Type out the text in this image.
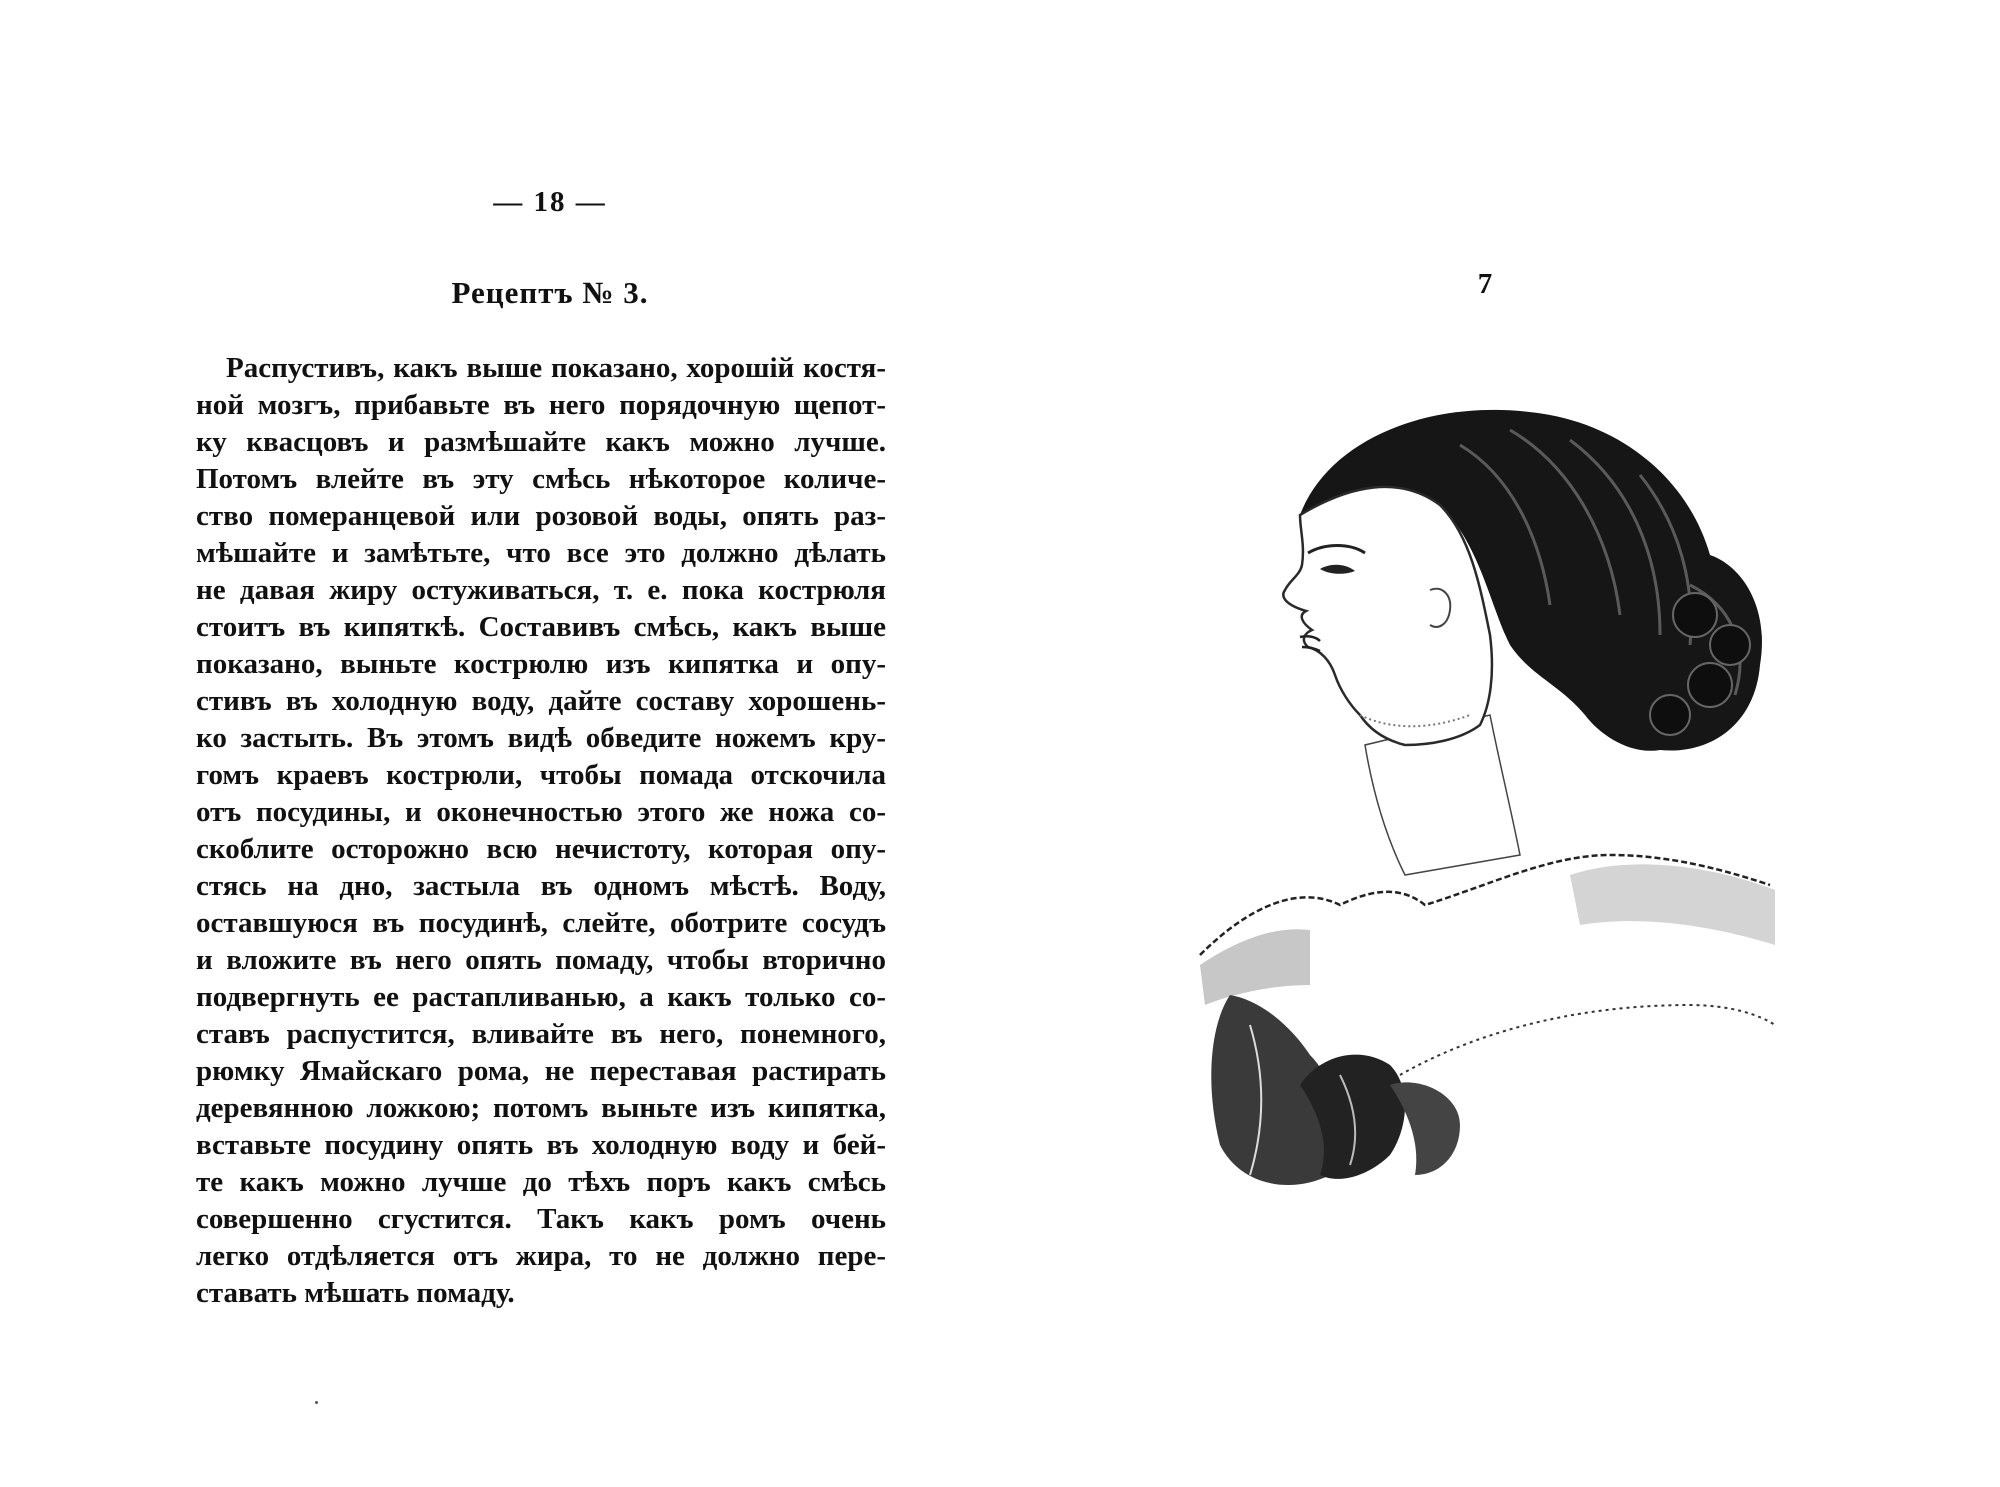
— 18 —
Рецептъ № 3.
Распустивъ, какъ выше показано, хорошій костя-
ной мозгъ, прибавьте въ него порядочную щепот-
ку квасцовъ и размѣшайте какъ можно лучше.
Потомъ влейте въ эту смѣсь нѣкоторое количе-
ство померанцевой или розовой воды, опять раз-
мѣшайте и замѣтьте, что все это должно дѣлать
не давая жиру остуживаться, т. е. пока кострюля
стоитъ въ кипяткѣ. Составивъ смѣсь, какъ выше
показано, выньте кострюлю изъ кипятка и опу-
стивъ въ холодную воду, дайте составу хорошень-
ко застыть. Въ этомъ видѣ обведите ножемъ кру-
гомъ краевъ кострюли, чтобы помада отскочила
отъ посудины, и оконечностью этого же ножа со-
скоблите осторожно всю нечистоту, которая опу-
стясь на дно, застыла въ одномъ мѣстѣ. Воду,
оставшуюся въ посудинѣ, слейте, оботрите сосудъ
и вложите въ него опять помаду, чтобы вторично
подвергнуть ее растапливанью, а какъ только со-
ставъ распустится, вливайте въ него, понемного,
рюмку Ямайскаго рома, не переставая растирать
деревянною ложкою; потомъ выньте изъ кипятка,
вставьте посудину опять въ холодную воду и бей-
те какъ можно лучше до тѣхъ поръ какъ смѣсь
совершенно сгустится. Такъ какъ ромъ очень
легко отдѣляется отъ жира, то не должно пере-
ставать мѣшать помаду.
7
